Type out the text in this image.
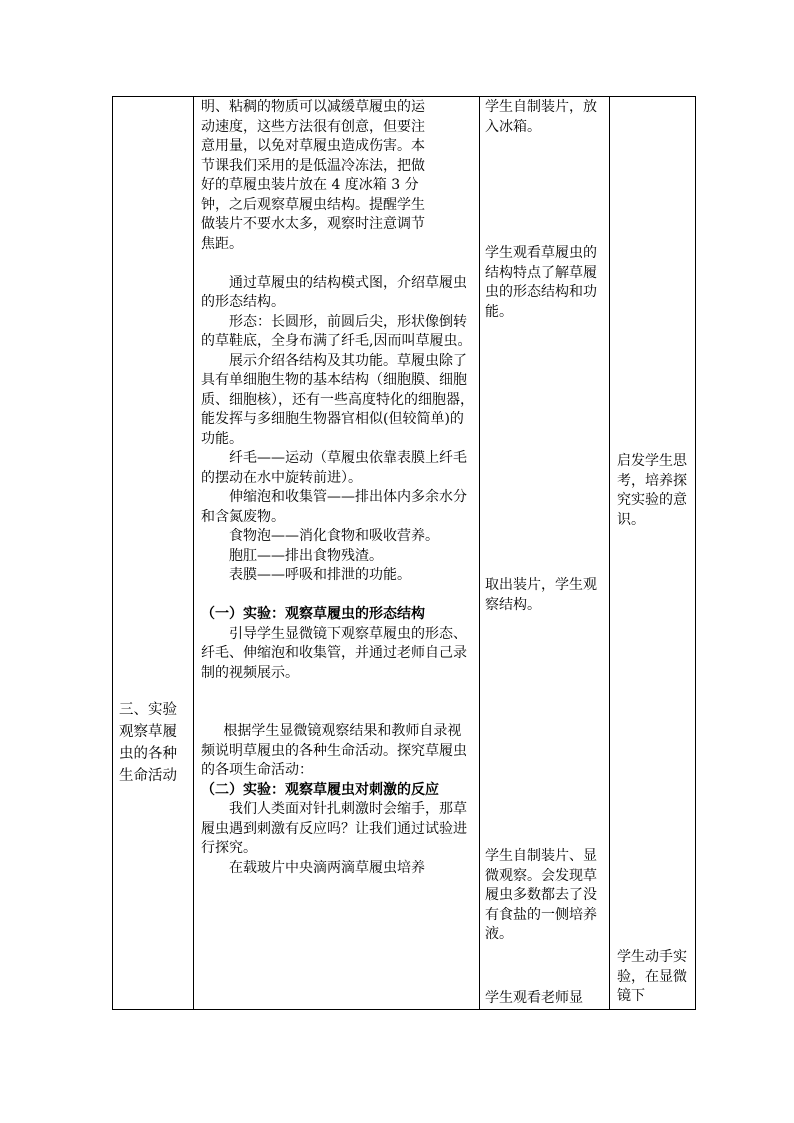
三、实验
观察草履
虫的各种
生命活动
明、粘稠的物质可以减缓草履虫的运
动速度，这些方法很有创意，但要注
意用量，以免对草履虫造成伤害。本
节课我们采用的是低温冷冻法，把做
好的草履虫装片放在 4 度冰箱 3 分
钟，之后观察草履虫结构。提醒学生
做装片不要水太多，观察时注意调节
焦距。

通过草履虫的结构模式图，介绍草履虫的形态结构。

形态：长圆形，前圆后尖，形状像倒转的草鞋底，全身布满了纤毛,因而叫草履虫。

展示介绍各结构及其功能。草履虫除了具有单细胞生物的基本结构（细胞膜、细胞质、细胞核），还有一些高度特化的细胞器，能发挥与多细胞生物器官相似(但较简单)的功能。

纤毛——运动（草履虫依靠表膜上纤毛的摆动在水中旋转前进）。

伸缩泡和收集管——排出体内多余水分和含氮废物。

食物泡——消化食物和吸收营养。

胞肛——排出食物残渣。

表膜——呼吸和排泄的功能。

（一）实验：观察草履虫的形态结构

引导学生显微镜下观察草履虫的形态、纤毛、伸缩泡和收集管，并通过老师自己录制的视频展示。

根据学生显微镜观察结果和教师自录视频说明草履虫的各种生命活动。探究草履虫的各项生命活动：

（二）实验：观察草履虫对刺激的反应

我们人类面对针扎刺激时会缩手，那草履虫遇到刺激有反应吗？让我们通过试验进行探究。

在载玻片中央滴两滴草履虫培养

学生自制装片，放入冰箱。
学生观看草履虫的结构特点了解草履虫的形态结构和功能。
取出装片，学生观察结构。
学生自制装片、显微观察。会发现草履虫多数都去了没有食盐的一侧培养液。
学生观看老师显
启发学生思考，培养探究实验的意识。
学生动手实验，在显微镜下
